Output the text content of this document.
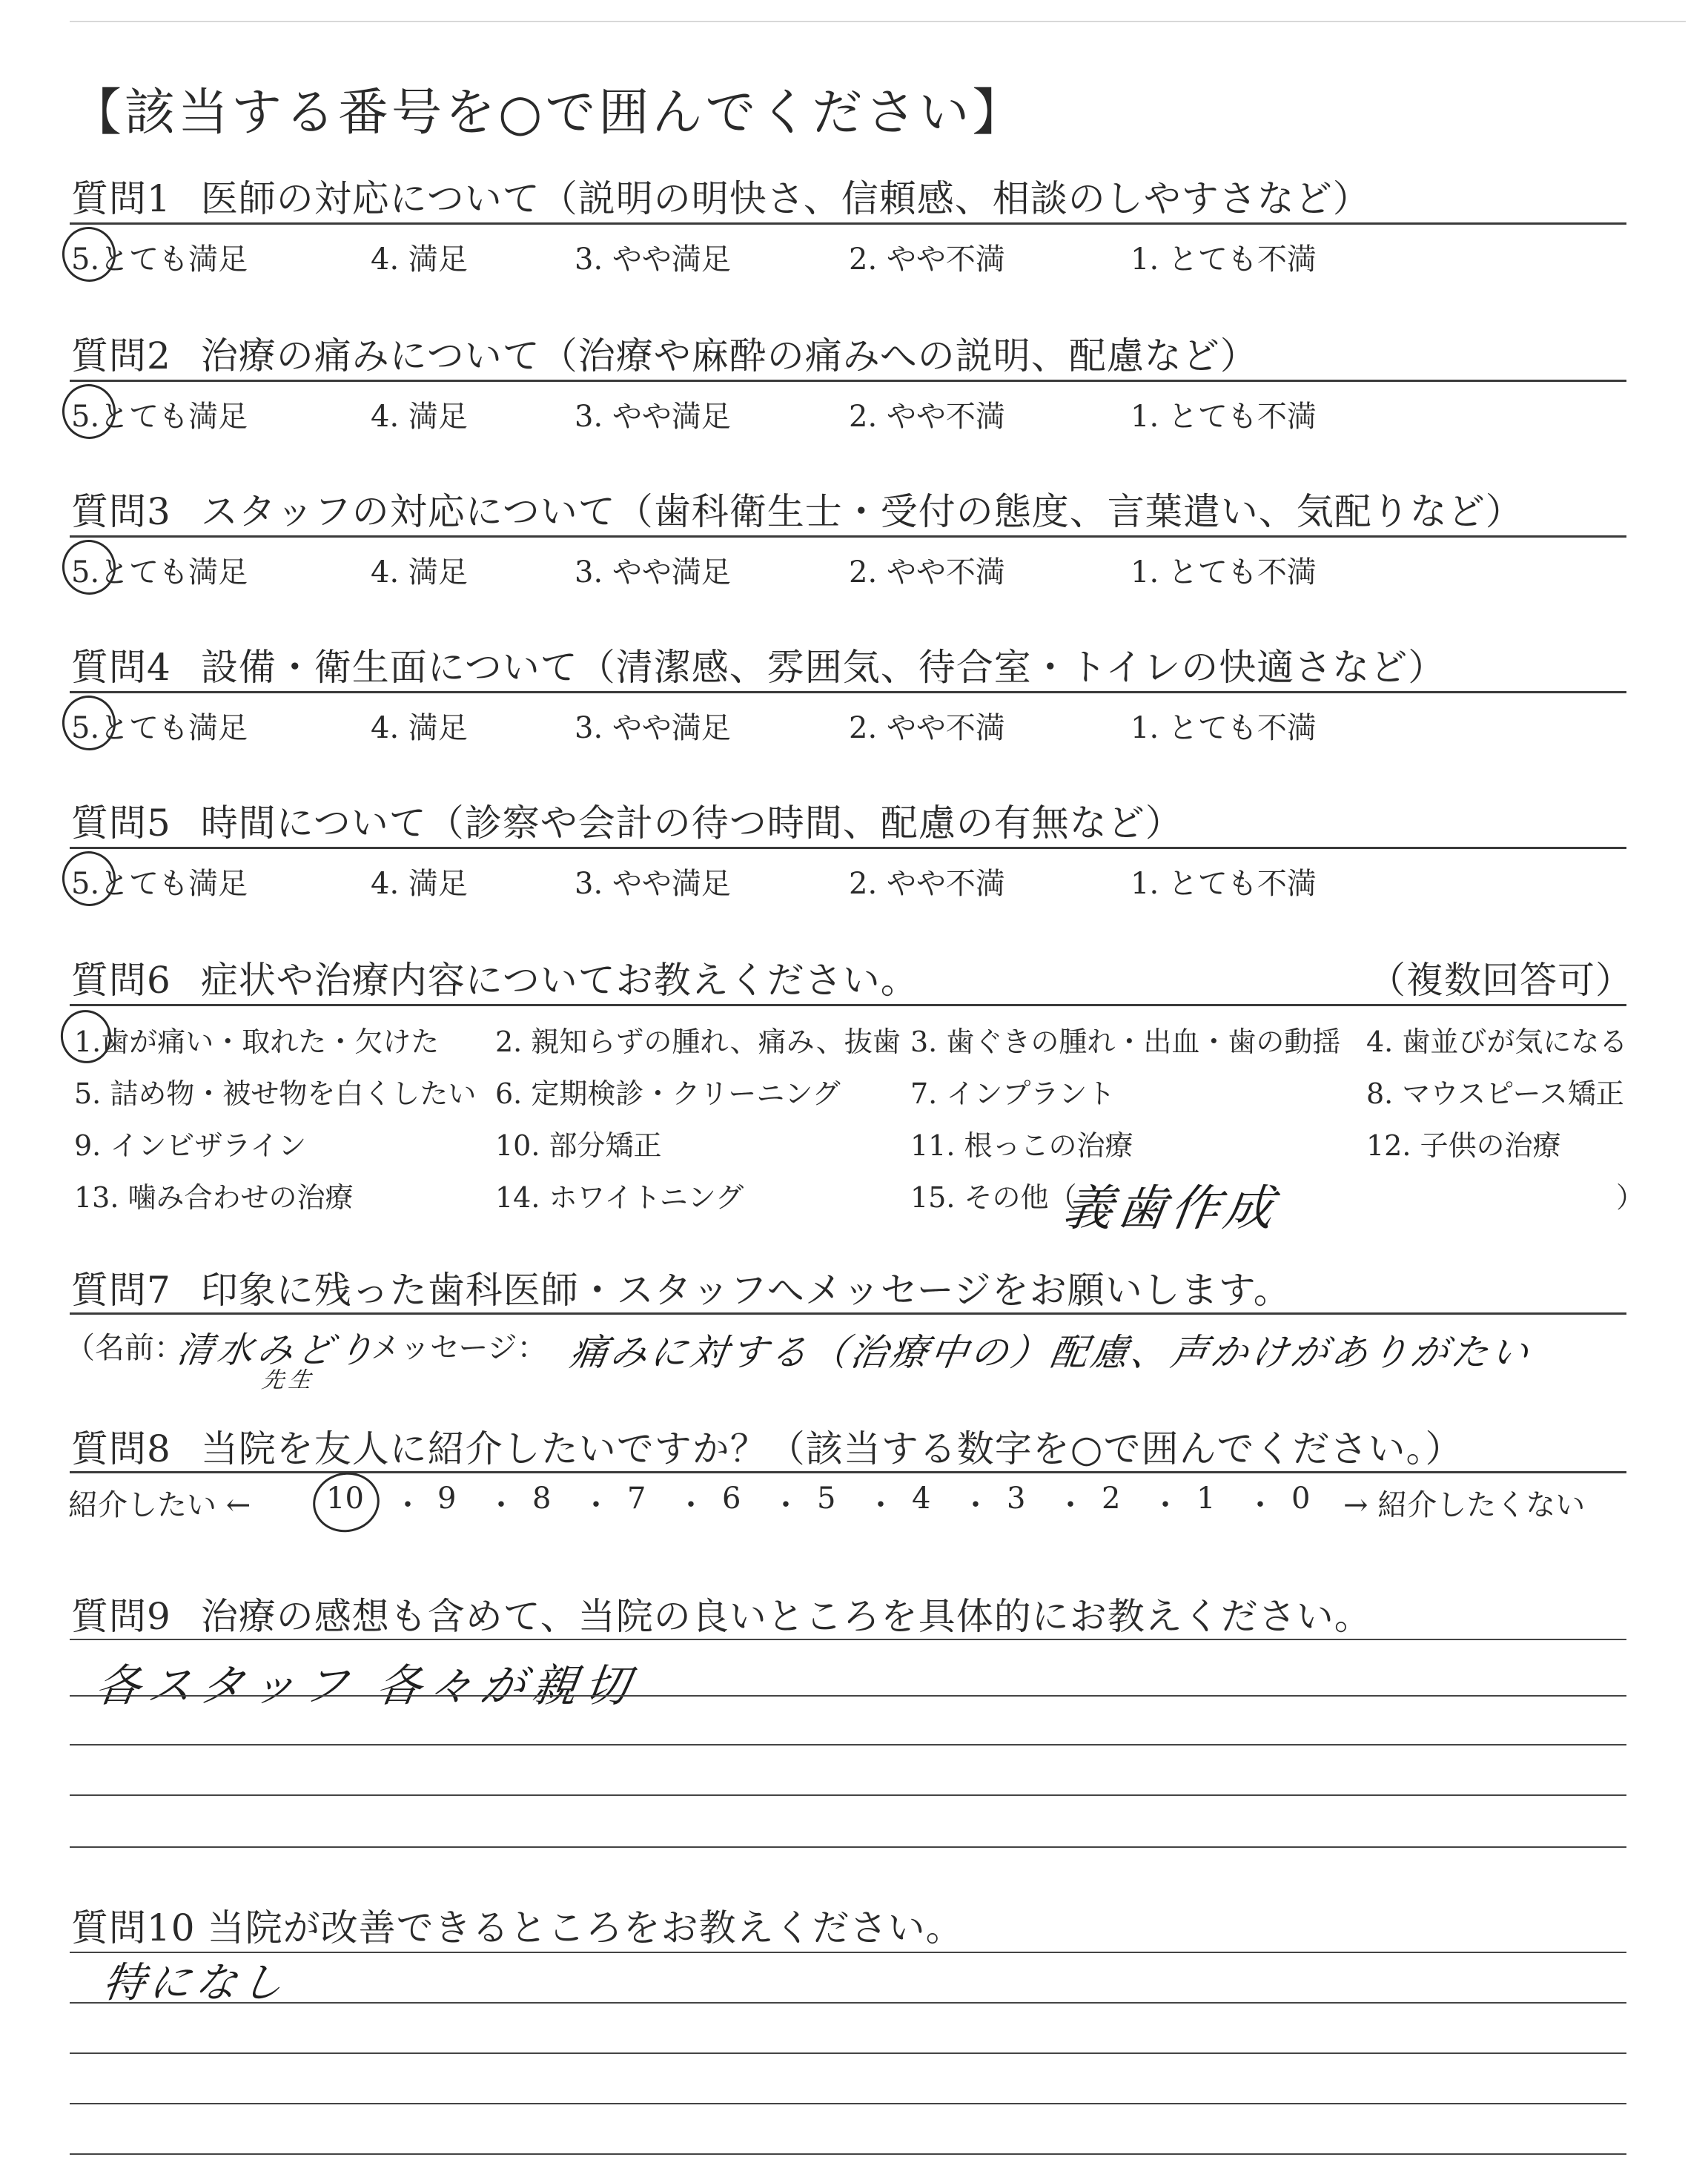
【該当する番号を○で囲んでください】
質問1 医師の対応について（説明の明快さ、信頼感、相談のしやすさなど）
5.とても満足	4. 満足	3. やや満足	2. やや不満	1. とても不満
質問2 治療の痛みについて（治療や麻酔の痛みへの説明、配慮など）
5.とても満足	4. 満足	3. やや満足	2. やや不満	1. とても不満
質問3 スタッフの対応について（歯科衛生士・受付の態度、言葉遣い、気配りなど）
5.とても満足	4. 満足	3. やや満足	2. やや不満	1. とても不満
質問4 設備・衛生面について（清潔感、雰囲気、待合室・トイレの快適さなど）
5.とても満足	4. 満足	3. やや満足	2. やや不満	1. とても不満
質問5 時間について（診察や会計の待つ時間、配慮の有無など）
5.とても満足	4. 満足	3. やや満足	2. やや不満	1. とても不満
質問6 症状や治療内容についてお教えください。	（複数回答可）
1.歯が痛い・取れた・欠けた 2. 親知らずの腫れ、痛み、抜歯 3. 歯ぐきの腫れ・出血・歯の動揺 4. 歯並びが気になる
5. 詰め物・被せ物を白くしたい 6. 定期検診・クリーニング 7. インプラント	8. マウスピース矯正
9. インビザライン	10. 部分矯正	11. 根っこの治療	12. 子供の治療
13. 噛み合わせの治療	14. ホワイトニング	15. その他（
義歯作成	）
質問7 印象に残った歯科医師・スタッフへメッセージをお願いします。
（名前：
清水みどり
先生
メッセージ： 痛みに対する（治療中の）配慮、声かけがありがたい
質問8 当院を友人に紹介したいですか？（該当する数字を○で囲んでください。）
紹介したい ←	10 ・ 9 ・ 8 ・ 7 ・ 6 ・ 5 ・ 4 ・ 3 ・ 2 ・ 1 ・ 0 → 紹介したくない
質問9 治療の感想も含めて、当院の良いところを具体的にお教えください。
各スタッフ 各々が親切
質問10 当院が改善できるところをお教えください。
特になし
